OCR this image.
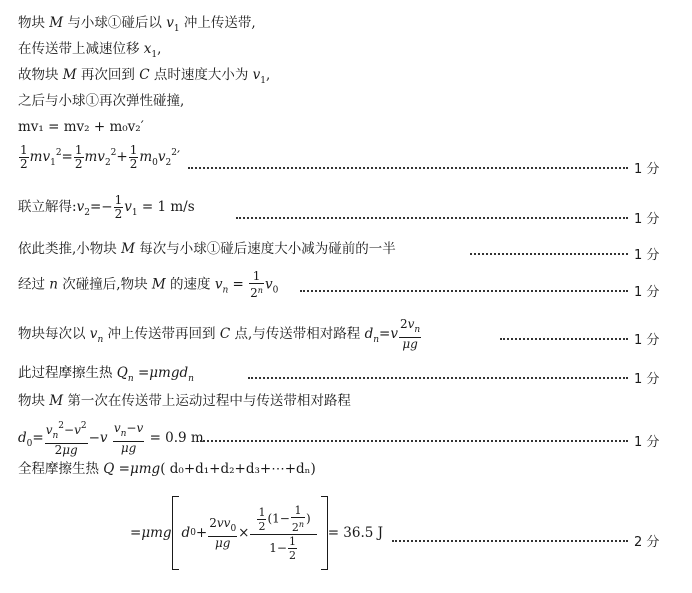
物块 M 与小球①碰后以 $v_1$ 冲上传送带,
在传送带上减速位移 $x_1$,
故物块 M 再次回到 C 点时速度大小为 $v_1$,
之后与小球①再次弹性碰撞,
mv₁ = mv₂ + m₀v₂′
$\frac{1}{2} mv_1^2= \frac{1}{2} mv_2^2+ \frac{1}{2} m_0v_2^2'$
1 分
联立解得$:v_2=- \frac{1}{2} v_1 = 1$ m/s
1 分
依此类推,小物块 M 每次与小球①碰后速度大小减为碰前的一半	1 分
经过 n 次碰撞后,物块 M 的速度 $v_n = \frac{1}{2^n} v_0$	1 分
物块每次以 $v_n$ 冲上传送带再回到 C 点,与传送带相对路程 $d_n=v \frac{2v_n}{\mu g}$	1 分
此过程摩擦生热 $Q_n =\mu mgd_n$	1 分
物块 M 第一次在传送带上运动过程中与传送带相对路程
$d_0= \frac{v_n^2-v^2}{2\mu g} -v \frac{v_n-v}{\mu g} = 0.9$ m	1 分
全程摩擦生热 Q =μmg( d₀+d₁+d₂+d₃+⋯+dₙ)
= μmg d $0 + \frac{2vv_0}{\mu g} \times \frac{\frac{1}{2} (1- \frac{1}{2^n} )}{1- \frac{1}{2}} = 36.5$ J
2 分
